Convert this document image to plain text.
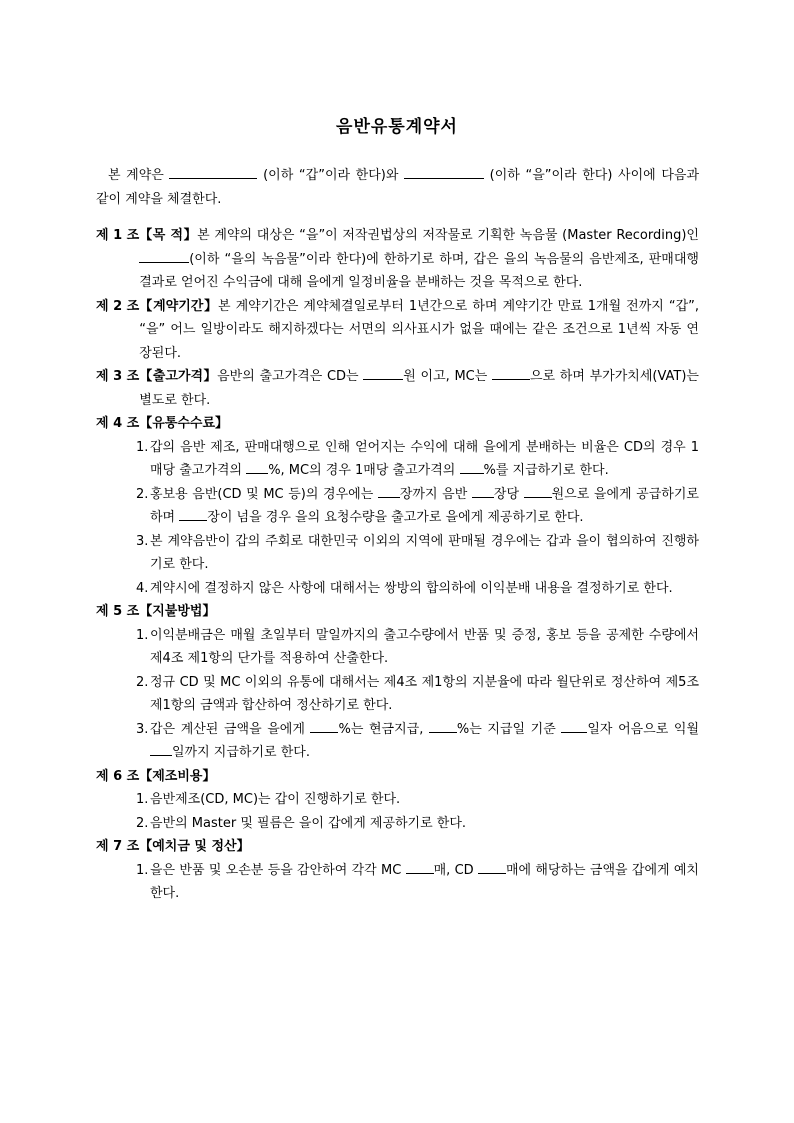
음반유통계약서
본 계약은	(이하 “갑”이라 한다)와	(이하 “을”이라 한다) 사이에 다음과 같이 계약을 체결한다.
제 1 조 【목 적】본 계약의 대상은 “을”이 저작권법상의 저작물로 기획한 녹음물 (Master Recording)인 (이하 “을의 녹음물”이라 한다)에 한하기로 하며, 갑은 을의 녹음물의 음반제조, 판매대행 결과로 얻어진 수익금에 대해 을에게 일정비율을 분배하는 것을 목적으로 한다.
제 2 조 【계약기간】본 계약기간은 계약체결일로부터 1년간으로 하며 계약기간 만료 1개월 전까지 “갑”, “을” 어느 일방이라도 해지하겠다는 서면의 의사표시가 없을 때에는 같은 조건으로 1년씩 자동 연장된다.
제 3 조 【출고가격】음반의 출고가격은 CD는	원 이고, MC는	으로 하며 부가가치세(VAT)는 별도로 한다.
제 4 조 【유통수수료】
1. 갑의 음반 제조, 판매대행으로 인해 얻어지는 수익에 대해 을에게 분배하는 비율은 CD의 경우 1매당 출고가격의 %, MC의 경우 1매당 출고가격의 %를 지급하기로 한다.
2. 홍보용 음반(CD 및 MC 등)의 경우에는 장까지 음반 장당	원으로 을에게 공급하기로 하며 장이 넘을 경우 을의 요청수량을 출고가로 을에게 제공하기로 한다.
3. 본 계약음반이 갑의 주회로 대한민국 이외의 지역에 판매될 경우에는 갑과 을이 협의하여 진행하기로 한다.
4. 계약시에 결정하지 않은 사항에 대해서는 쌍방의 합의하에 이익분배 내용을 결정하기로 한다.
제 5 조 【지불방법】
1. 이익분배금은 매월 초일부터 말일까지의 출고수량에서 반품 및 증정, 홍보 등을 공제한 수량에서 제4조 제1항의 단가를 적용하여 산출한다.
2. 정규 CD 및 MC 이외의 유통에 대해서는 제4조 제1항의 지분율에 따라 월단위로 정산하여 제5조 제1항의 금액과 합산하여 정산하기로 한다.
3. 갑은 계산된 금액을 을에게	%는 현금지급,	%는 지급일 기준 일자 어음으로 익월 일까지 지급하기로 한다.
제 6 조 【제조비용】
1. 음반제조(CD, MC)는 갑이 진행하기로 한다.
2. 음반의 Master 및 필름은 을이 갑에게 제공하기로 한다.
제 7 조 【예치금 및 정산】
1. 을은 반품 및 오손분 등을 감안하여 각각 MC 매, CD 매에 해당하는 금액을 갑에게 예치한다.
